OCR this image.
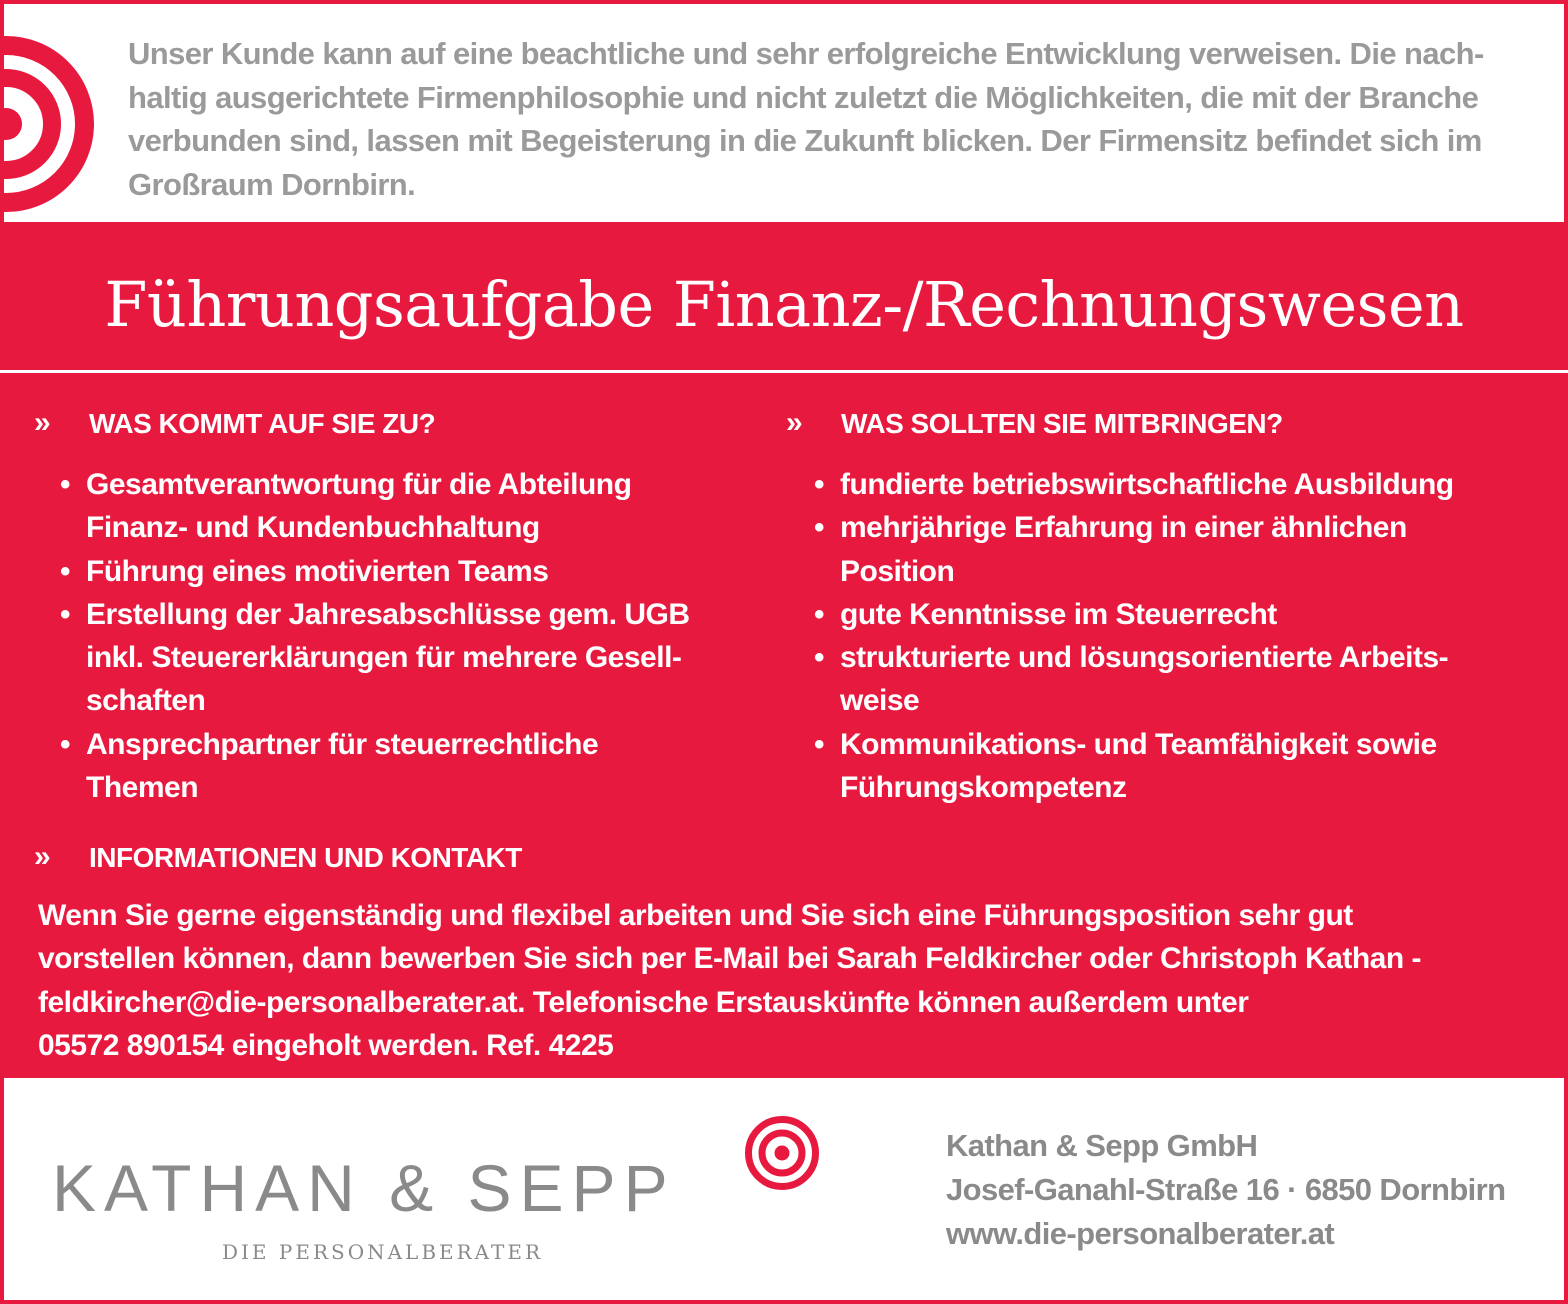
Unser Kunde kann auf eine beachtliche und sehr erfolgreiche Entwicklung verweisen. Die nach-
haltig ausgerichtete Firmenphilosophie und nicht zuletzt die Möglichkeiten, die mit der Branche
verbunden sind, lassen mit Begeisterung in die Zukunft blicken. Der Firmensitz befindet sich im
Großraum Dornbirn.
Führungsaufgabe Finanz-/Rechnungswesen
» WAS KOMMT AUF SIE ZU?
• Gesamtverantwortung für die Abteilung
Finanz- und Kundenbuchhaltung
• Führung eines motivierten Teams
• Erstellung der Jahresabschlüsse gem. UGB
inkl. Steuererklärungen für mehrere Gesell-
schaften
• Ansprechpartner für steuerrechtliche
Themen
» WAS SOLLTEN SIE MITBRINGEN?
• fundierte betriebswirtschaftliche Ausbildung
• mehrjährige Erfahrung in einer ähnlichen
Position
• gute Kenntnisse im Steuerrecht
• strukturierte und lösungsorientierte Arbeits-
weise
• Kommunikations- und Teamfähigkeit sowie
Führungskompetenz
» INFORMATIONEN UND KONTAKT
Wenn Sie gerne eigenständig und flexibel arbeiten und Sie sich eine Führungsposition sehr gut
vorstellen können, dann bewerben Sie sich per E-Mail bei Sarah Feldkircher oder Christoph Kathan -
feldkircher@die-personalberater.at. Telefonische Erstauskünfte können außerdem unter
05572 890154 eingeholt werden. Ref. 4225
KATHAN & SEPP
DIE PERSONALBERATER
Kathan & Sepp GmbH
Josef-Ganahl-Straße 16 · 6850 Dornbirn
www.die-personalberater.at
